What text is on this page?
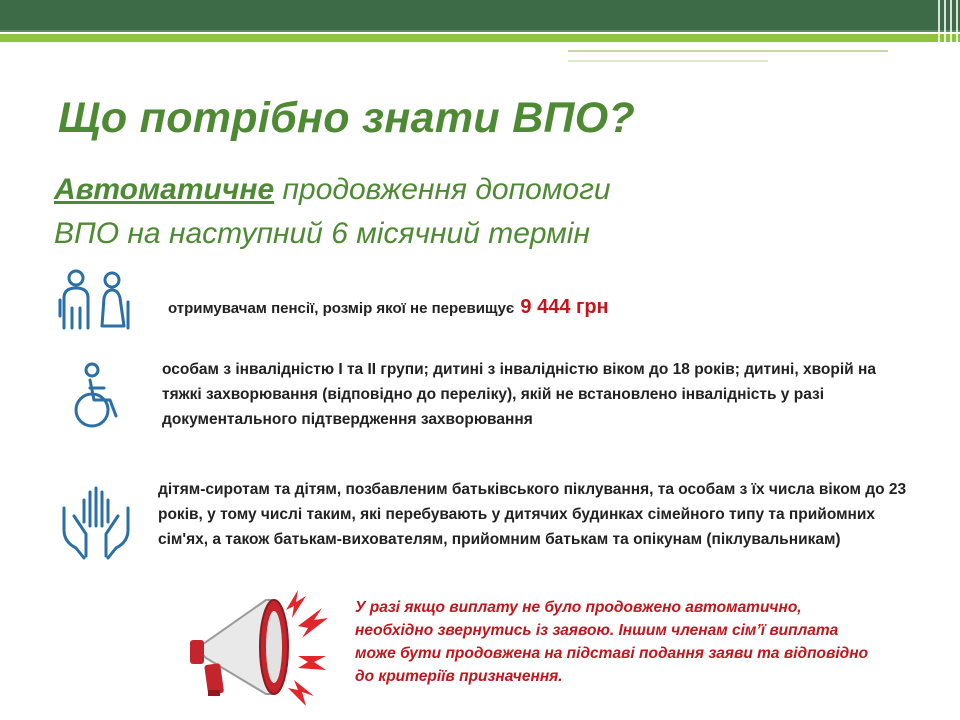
Що потрібно знати ВПО?
Автоматичне продовження допомоги
ВПО на наступний 6 місячний термін
отримувачам пенсії, розмір якої не перевищує 9 444 грн
особам з інвалідністю І та ІІ групи; дитині з інвалідністю віком до 18 років; дитині, хворій на тяжкі захворювання (відповідно до переліку), якій не встановлено інвалідність у разі документального підтвердження захворювання
дітям-сиротам та дітям, позбавленим батьківського піклування, та особам з їх числа віком до 23 років, у тому числі таким, які перебувають у дитячих будинках сімейного типу та прийомних сім'ях, а також батькам-вихователям, прийомним батькам та опікунам (піклувальникам)
У разі якщо виплату не було продовжено автоматично,
необхідно звернутись із заявою. Іншим членам сім’ї виплата
може бути продовжена на підставі подання заяви та відповідно
до критеріїв призначення.
